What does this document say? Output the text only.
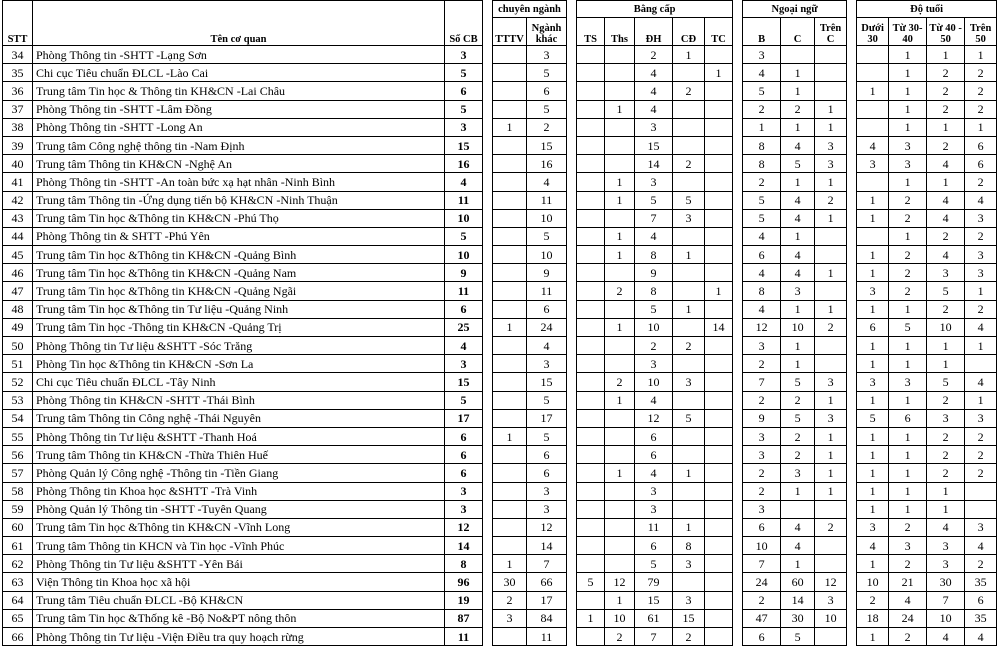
STT	Tên cơ quan	Số CB		chuyên ngành			Bằng cấp						Ngoại ngữ				Độ tuổi			
				TTTV	Ngành khác		TS	Ths	ĐH	CĐ	TC		B	C	Trên C		Dưới 30	Từ 30-40	Từ 40 - 50	Trên 50
34	Phòng Thông tin -SHTT -Lạng Sơn	3			3				2	1			3					1	1	1
35	Chi cục Tiêu chuẩn ĐLCL -Lào Cai	5			5				4		1		4	1				1	2	2
36	Trung tâm Tin học & Thông tin KH&CN -Lai Châu	6			6				4	2			5	1			1	1	2	2
37	Phòng Thông tin -SHTT -Lâm Đồng	5			5			1	4				2	2	1			1	2	2
38	Phòng Thông tin -SHTT -Long An	3		1	2				3				1	1	1			1	1	1
39	Trung tâm Công nghệ thông tin -Nam Định	15			15				15				8	4	3		4	3	2	6
40	Trung tâm Thông tin KH&CN -Nghệ An	16			16				14	2			8	5	3		3	3	4	6
41	Phòng Thông tin -SHTT -An toàn bức xạ hạt nhân -Ninh Bình	4			4			1	3				2	1	1			1	1	2
42	Trung tâm Thông tin -Ứng dụng tiến bộ KH&CN -Ninh Thuận	11			11			1	5	5			5	4	2		1	2	4	4
43	Trung tâm Tin học &Thông tin KH&CN -Phú Thọ	10			10				7	3			5	4	1		1	2	4	3
44	Phòng Thông tin & SHTT -Phú Yên	5			5			1	4				4	1				1	2	2
45	Trung tâm Tin học &Thông tin KH&CN -Quảng Bình	10			10			1	8	1			6	4			1	2	4	3
46	Trung tâm Tin học &Thông tin KH&CN -Quảng Nam	9			9				9				4	4	1		1	2	3	3
47	Trung tâm Tin học &Thông tin KH&CN -Quảng Ngãi	11			11			2	8		1		8	3			3	2	5	1
48	Trung tâm Tin học &Thông tin Tư liệu -Quảng Ninh	6			6				5	1			4	1	1		1	1	2	2
49	Trung tâm Tin học -Thông tin KH&CN -Quảng Trị	25		1	24			1	10		14		12	10	2		6	5	10	4
50	Phòng Thông tin Tư liệu &SHTT -Sóc Trăng	4			4				2	2			3	1			1	1	1	1
51	Phòng Tin học &Thông tin KH&CN -Sơn La	3			3				3				2	1			1	1	1	
52	Chi cục Tiêu chuẩn ĐLCL -Tây Ninh	15			15			2	10	3			7	5	3		3	3	5	4
53	Phòng Thông tin KH&CN -SHTT -Thái Bình	5			5			1	4				2	2	1		1	1	2	1
54	Trung tâm Thông tin Công nghệ -Thái Nguyên	17			17				12	5			9	5	3		5	6	3	3
55	Phòng Thông tin Tư liệu &SHTT -Thanh Hoá	6		1	5				6				3	2	1		1	1	2	2
56	Trung tâm Thông tin KH&CN -Thừa Thiên Huế	6			6				6				3	2	1		1	1	2	2
57	Phòng Quản lý Công nghệ -Thông tin -Tiền Giang	6			6			1	4	1			2	3	1		1	1	2	2
58	Phòng Thông tin Khoa học &SHTT -Trà Vinh	3			3				3				2	1	1		1	1	1	
59	Phòng Quản lý Thông tin -SHTT -Tuyên Quang	3			3				3				3				1	1	1	
60	Trung tâm Tin học &Thông tin KH&CN -Vĩnh Long	12			12				11	1			6	4	2		3	2	4	3
61	Trung tâm Thông tin KHCN và Tin học -Vĩnh Phúc	14			14				6	8			10	4			4	3	3	4
62	Phòng Thông tin Tư liệu &SHTT -Yên Bái	8		1	7				5	3			7	1			1	2	3	2
63	Viện Thông tin Khoa học xã hội	96		30	66		5	12	79				24	60	12		10	21	30	35
64	Trung tâm Tiêu chuẩn ĐLCL -Bộ KH&CN	19		2	17			1	15	3			2	14	3		2	4	7	6
65	Trung tâm Tin học &Thống kê -Bộ No&PT nông thôn	87		3	84		1	10	61	15			47	30	10		18	24	10	35
66	Phòng Thông tin Tư liệu -Viện Điều tra quy hoạch rừng	11			11			2	7	2			6	5			1	2	4	4
